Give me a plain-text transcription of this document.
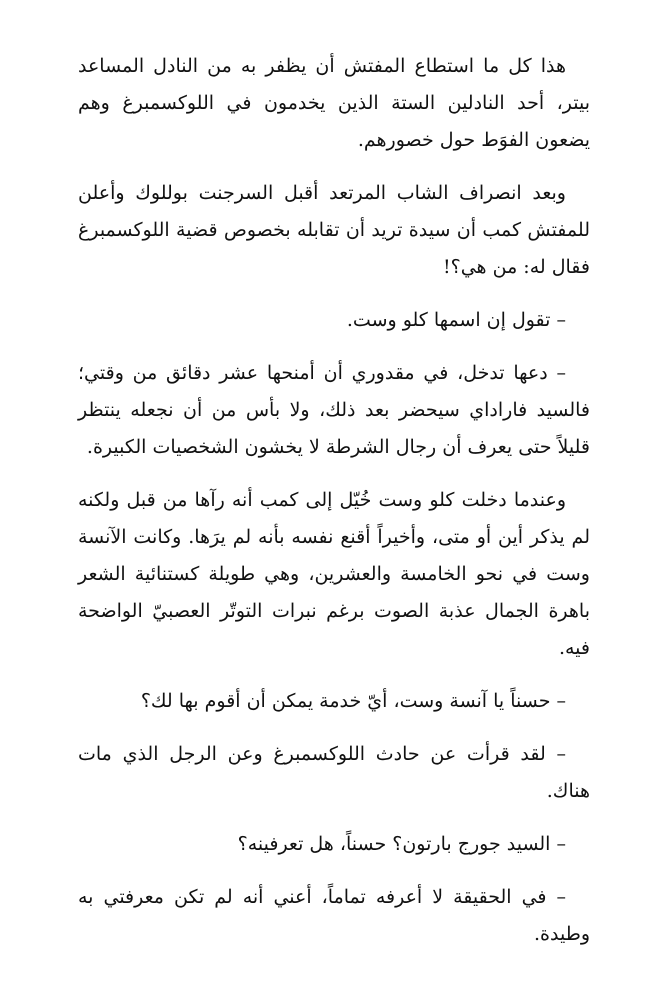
هذا كل ما استطاع المفتش أن يظفر به من النادل المساعد بيتر، أحد النادلين الستة الذين يخدمون في اللوكسمبرغ وهم يضعون الفوَط حول خصورهم.

وبعد انصراف الشاب المرتعد أقبل السرجنت بوللوك وأعلن للمفتش كمب أن سيدة تريد أن تقابله بخصوص قضية اللوكسمبرغ فقال له: من هي؟!

– تقول إن اسمها كلو وست.

– دعها تدخل، في مقدوري أن أمنحها عشر دقائق من وقتي؛ فالسيد فاراداي سيحضر بعد ذلك، ولا بأس من أن نجعله ينتظر قليلاً حتى يعرف أن رجال الشرطة لا يخشون الشخصيات الكبيرة.

وعندما دخلت كلو وست خُيّل إلى كمب أنه رآها من قبل ولكنه لم يذكر أين أو متى، وأخيراً أقنع نفسه بأنه لم يرَها. وكانت الآنسة وست في نحو الخامسة والعشرين، وهي طويلة كستنائية الشعر باهرة الجمال عذبة الصوت برغم نبرات التوتّر العصبيّ الواضحة فيه.

– حسناً يا آنسة وست، أيّ خدمة يمكن أن أقوم بها لك؟

– لقد قرأت عن حادث اللوكسمبرغ وعن الرجل الذي مات هناك.

– السيد جورج بارتون؟ حسناً، هل تعرفينه؟

– في الحقيقة لا أعرفه تماماً، أعني أنه لم تكن معرفتي به وطيدة.
